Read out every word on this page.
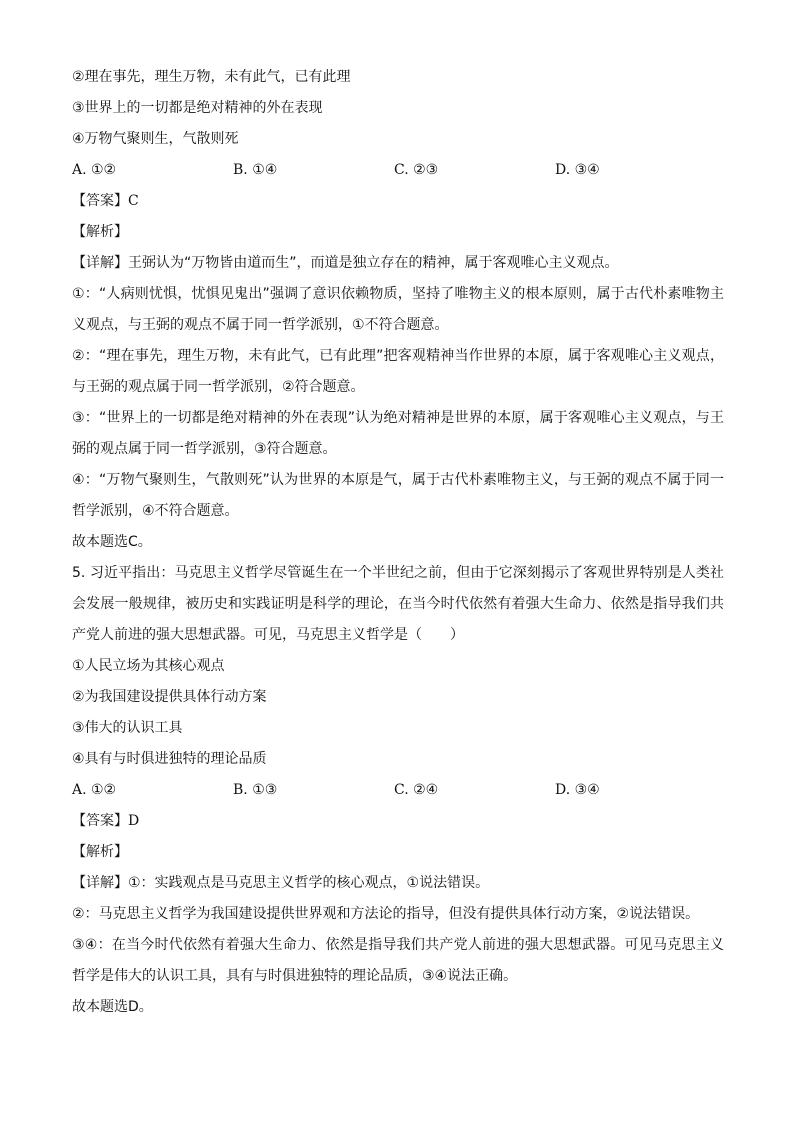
②理在事先，理生万物，未有此气，已有此理

③世界上的一切都是绝对精神的外在表现

④万物气聚则生，气散则死

A. ①②	B. ①④	C. ②③	D. ③④

【答案】C

【解析】

【详解】王弼认为“万物皆由道而生”，而道是独立存在的精神，属于客观唯心主义观点。

①：“人病则忧惧，忧惧见鬼出”强调了意识依赖物质，坚持了唯物主义的根本原则，属于古代朴素唯物主义观点，与王弼的观点不属于同一哲学派别，①不符合题意。

②：“理在事先，理生万物，未有此气，已有此理”把客观精神当作世界的本原，属于客观唯心主义观点，与王弼的观点属于同一哲学派别，②符合题意。

③：“世界上的一切都是绝对精神的外在表现”认为绝对精神是世界的本原，属于客观唯心主义观点，与王弼的观点属于同一哲学派别，③符合题意。

④：“万物气聚则生，气散则死”认为世界的本原是气，属于古代朴素唯物主义，与王弼的观点不属于同一哲学派别，④不符合题意。

故本题选C。

5. 习近平指出：马克思主义哲学尽管诞生在一个半世纪之前，但由于它深刻揭示了客观世界特别是人类社会发展一般规律，被历史和实践证明是科学的理论，在当今时代依然有着强大生命力、依然是指导我们共产党人前进的强大思想武器。可见，马克思主义哲学是（　　）

①人民立场为其核心观点

②为我国建设提供具体行动方案

③伟大的认识工具

④具有与时俱进独特的理论品质

A. ①②	B. ①③	C. ②④	D. ③④

【答案】D

【解析】

【详解】①：实践观点是马克思主义哲学的核心观点，①说法错误。

②：马克思主义哲学为我国建设提供世界观和方法论的指导，但没有提供具体行动方案，②说法错误。

③④：在当今时代依然有着强大生命力、依然是指导我们共产党人前进的强大思想武器。可见马克思主义哲学是伟大的认识工具，具有与时俱进独特的理论品质，③④说法正确。

故本题选D。
